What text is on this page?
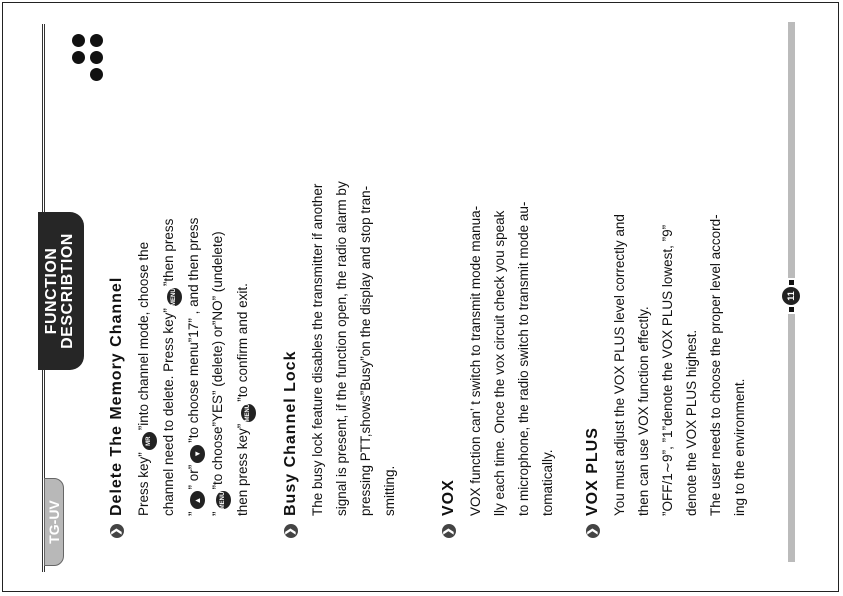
TG-UV
FUNCTION DESCRIBTION
❯
Delete The Memory Channel Press key”MR”into channel mode, choose the channel need to delete. Press key”MENU”then press

”▲” or”▼”to choose menu”17” , and then press

”MENU”to choose”YES” (delete) or”NO” (undelete) then press key”MENU”to confirm and exit.

❯
Busy Channel Lock The busy lock feature disables the transmitter if another signal is present, if the function open, the radio alarm by pressing PTT,shows”Busy”on the display and stop tran- smitting.

❯
VOX VOX function can’ t switch to transmit mode manua- lly each time. Once the vox circuit check you speak to microphone, the radio switch to transmit mode au- tomatically.

❯
VOX PLUS You must adjust the VOX PLUS level correctly and then can use VOX function effectly. ”OFF/1∼9”, ”1”denote the VOX PLUS lowest, ”9” denote the VOX PLUS highest. The user needs to choose the proper level accord- ing to the environment.

11
